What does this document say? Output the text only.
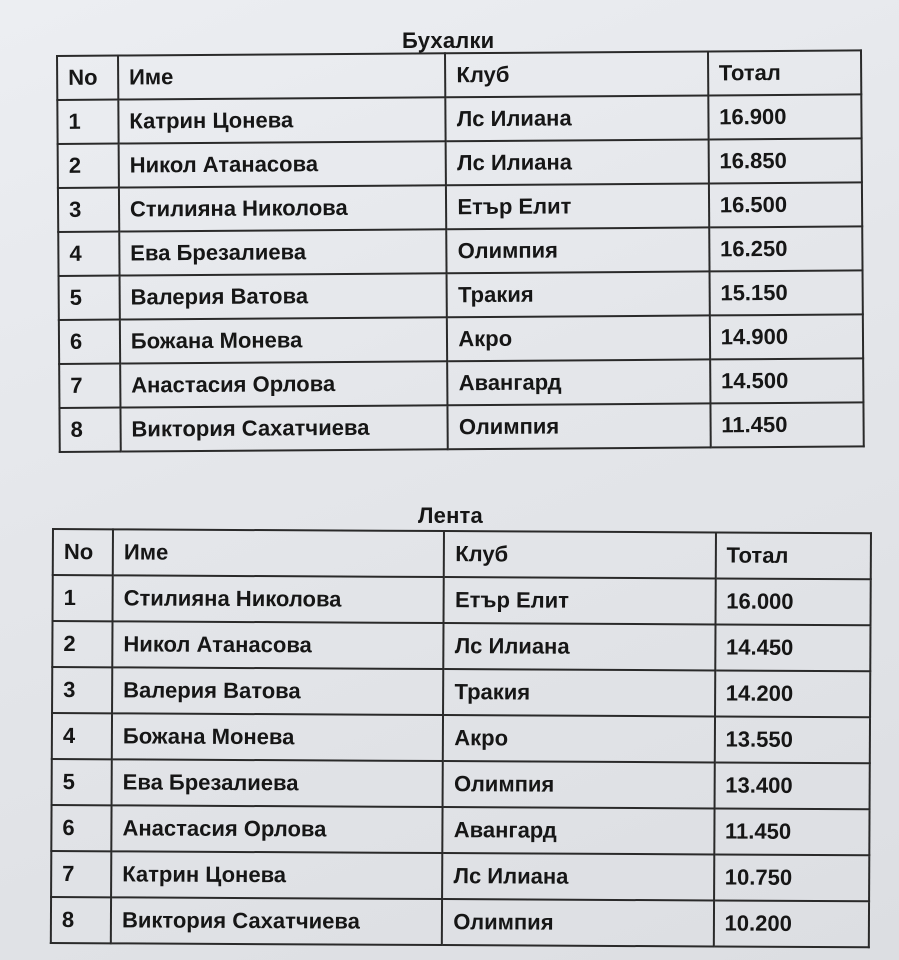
Бухалки
No	Име	Клуб	Тотал
1	Катрин Цонева	Лс Илиана	16.900
2	Никол Атанасова	Лс Илиана	16.850
3	Стилияна Николова	Етър Елит	16.500
4	Ева Брезалиева	Олимпия	16.250
5	Валерия Ватова	Тракия	15.150
6	Божана Монева	Акро	14.900
7	Анастасия Орлова	Авангард	14.500
8	Виктория Сахатчиева	Олимпия	11.450
Лента
No	Име	Клуб	Тотал
1	Стилияна Николова	Етър Елит	16.000
2	Никол Атанасова	Лс Илиана	14.450
3	Валерия Ватова	Тракия	14.200
4	Божана Монева	Акро	13.550
5	Ева Брезалиева	Олимпия	13.400
6	Анастасия Орлова	Авангард	11.450
7	Катрин Цонева	Лс Илиана	10.750
8	Виктория Сахатчиева	Олимпия	10.200
